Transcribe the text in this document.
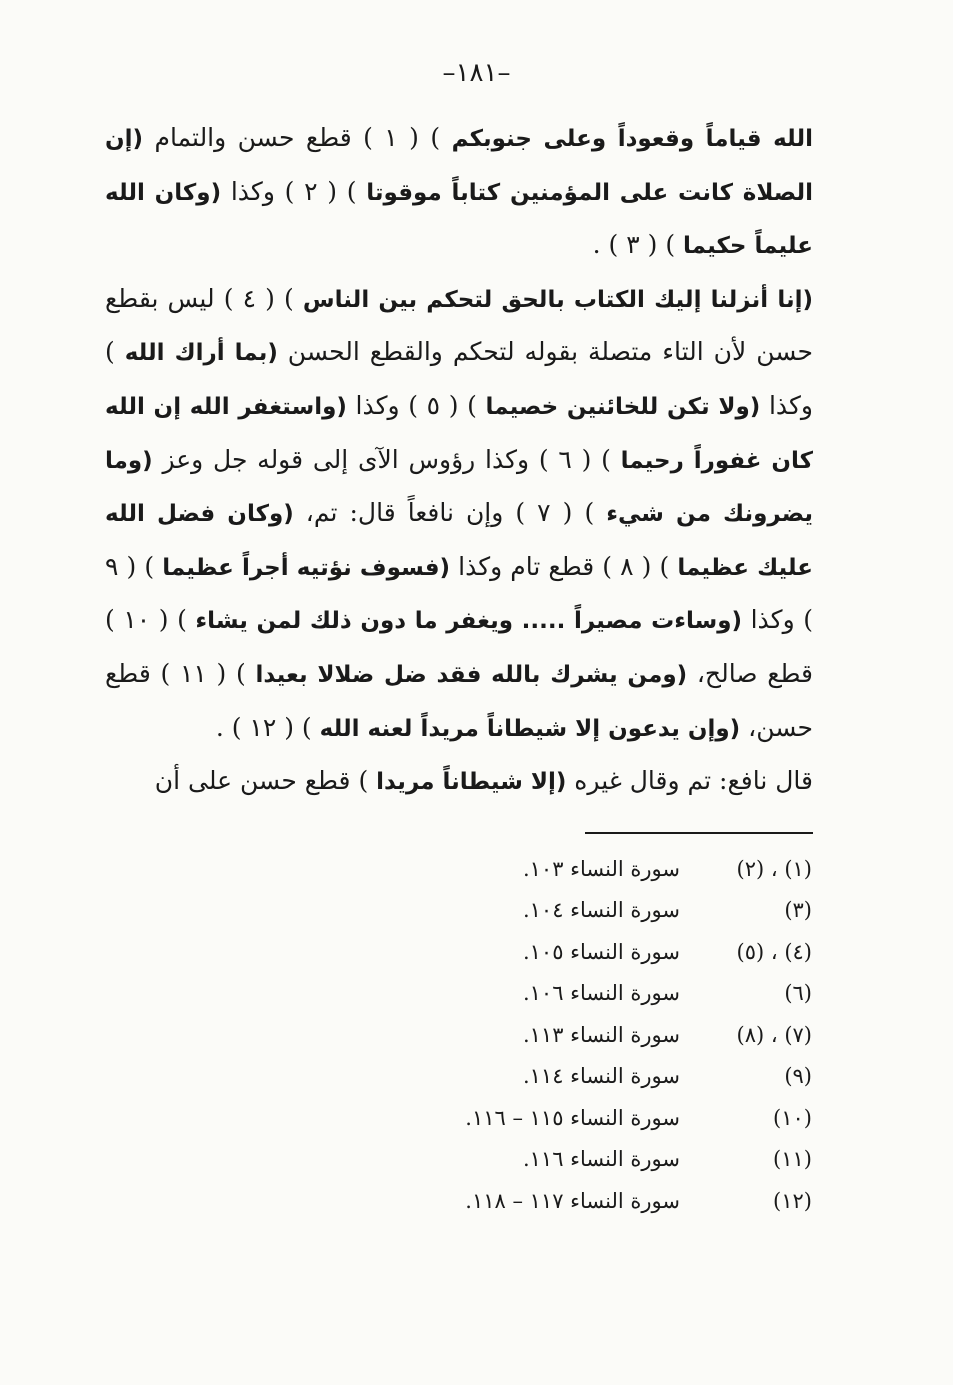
–١٨١–

الله قياماً وقعوداً وعلى جنوبكم ) ( ١ ) قطع حسن والتمام (إن الصلاة كانت على المؤمنين كتاباً موقوتا ) ( ٢ ) وكذا (وكان الله عليماً حكيما ) ( ٣ ) .

(إنا أنزلنا إليك الكتاب بالحق لتحكم بين الناس ) ( ٤ ) ليس بقطع حسن لأن التاء متصلة بقوله لتحكم والقطع الحسن (بما أراك الله ) وكذا (ولا تكن للخائنين خصيما ) ( ٥ ) وكذا (واستغفر الله إن الله كان غفوراً رحيما ) ( ٦ ) وكذا رؤوس الآى إلى قوله جل وعز (وما يضرونك من شيء ) ( ٧ ) وإن نافعاً قال: تم، (وكان فضل الله عليك عظيما ) ( ٨ ) قطع تام وكذا (فسوف نؤتيه أجراً عظيما ) ( ٩ ) وكذا (وساءت مصيراً ..... ويغفر ما دون ذلك لمن يشاء ) ( ١٠ ) قطع صالح، (ومن يشرك بالله فقد ضل ضلالا بعيدا ) ( ١١ ) قطع حسن، (وإن يدعون إلا شيطاناً مريداً لعنه الله ) ( ١٢ ) .

قال نافع: تم وقال غيره (إلا شيطاناً مريدا ) قطع حسن على أن

(١) ، (٢)
سورة النساء ١٠٣.
(٣)
سورة النساء ١٠٤.
(٤) ، (٥)
سورة النساء ١٠٥.
(٦)
سورة النساء ١٠٦.
(٧) ، (٨)
سورة النساء ١١٣.
(٩)
سورة النساء ١١٤.
(١٠)
سورة النساء ١١٥ – ١١٦.
(١١)
سورة النساء ١١٦.
(١٢)
سورة النساء ١١٧ – ١١٨.
